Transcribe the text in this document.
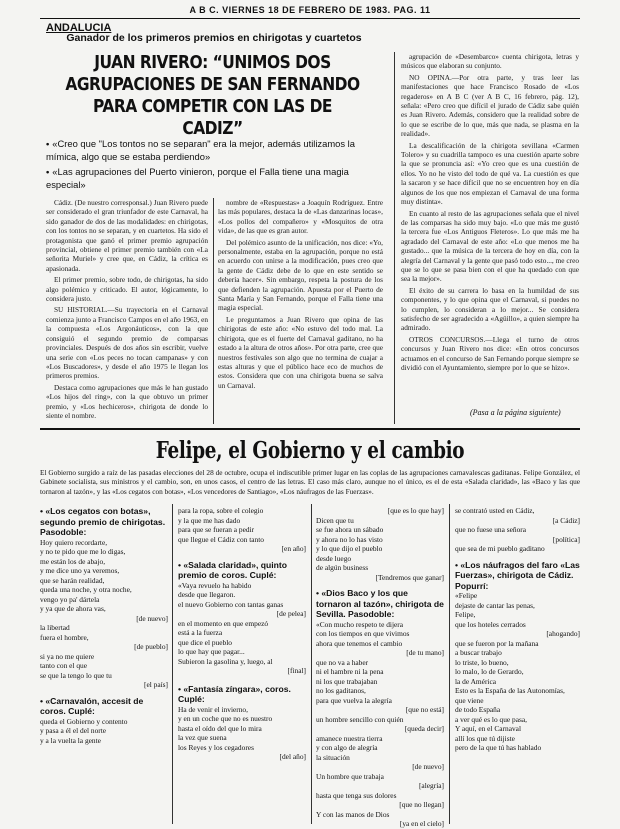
A B C. VIERNES 18 DE FEBRERO DE 1983. PAG. 11
ANDALUCIA
Ganador de los primeros premios en chirigotas y cuartetos
JUAN RIVERO: “UNIMOS DOS AGRUPACIONES DE SAN FERNANDO PARA COMPETIR CON LAS DE CADIZ”
• «Creo que "Los tontos no se separan" era la mejor, además utilizamos la mímica, algo que se estaba perdiendo»
• «Las agrupaciones del Puerto vinieron, porque el Falla tiene una magia especial»

Cádiz. (De nuestro corresponsal.) Juan Rivero puede ser considerado el gran triunfador de este Carnaval, ha sido ganador de dos de las modalidades: en chirigotas, con los tontos no se separan, y en cuartetos. Ha sido el protagonista que ganó el primer premio agrupación provincial, obtiene el primer premio también con «La señorita Muriel» y cree que, en Cádiz, la crítica es apasionada.

El primer premio, sobre todo, de chirigotas, ha sido algo polémico y criticado. El autor, lógicamente, lo considera justo.

SU HISTORIAL.—Su trayectoria en el Carnaval comienza junto a Francisco Campos en el año 1963, en la compuesta «Los Argonáuticos», con la que consiguió el segundo premio de comparsas provinciales. Después de dos años sin escribir, vuelve una serie con «Los peces no tocan campanas» y con «Los Buscadores», y desde el año 1975 le llegan los primeros premios.

Destaca como agrupaciones que más le han gustado «Los hijos del ring», con la que obtuvo un primer premio, y «Los hechiceros», chirigota de donde lo siente el nombre.

nombre de «Respuestas» a Joaquín Rodríguez. Entre las más populares, destaca la de «Las danzarinas locas», «Los pollos del compañero» y «Mosquitos de otra vida», de las que es gran autor.

Del polémico asunto de la unificación, nos dice: «Yo, personalmente, estaba en la agrupación, porque no está en acuerdo con unirse a la modificación, pues creo que la gente de Cádiz debe de lo que en este sentido se debería hacer». Sin embargo, respeta la postura de los que defienden la agrupación. Apuesta por el Puerto de Santa María y San Fernando, porque el Falla tiene una magia especial.

Le preguntamos a Juan Rivero que opina de las chirigotas de este año: «No estuvo del todo mal. La chirigota, que es el fuerte del Carnaval gaditano, no ha estado a la altura de otros años». Por otra parte, cree que nuestros festivales son algo que no termina de cuajar a estas alturas y que el público hace eco de muchos de estos. Considera que con una chirigota buena se salva un Carnaval.

agrupación de «Desembarco» cuenta chirigota, letras y músicos que elaboran su conjunto.

NO OPINA.—Por otra parte, y tras leer las manifestaciones que hace Francisco Rosado de «Los regaderos» en A B C (ver A B C, 16 febrero, pág. 12), señala: «Pero creo que difícil el jurado de Cádiz sabe quién es Juan Rivero. Además, considero que la realidad sobre de lo que se escribe de lo que, más que nada, se plasma en la realidad».

La descalificación de la chirigota sevillana «Carmen Tolero» y su cuadrilla tampoco es una cuestión aparte sobre la que se pronuncia así: «Yo creo que es una cuestión de ellos. Yo no he visto del todo de qué va. La cuestión es que la sacaron y se hace difícil que no se encuentren hoy en día algunos de los que nos empiezan el Carnaval de una forma muy distinta».

En cuanto al resto de las agrupaciones señala que el nivel de las comparsas ha sido muy bajo. «Lo que más me gustó la tercera fue «Los Antiguos Fleteros». Lo que más me ha agradado del Carnaval de este año: «Lo que menos me ha gustado... que la música de la tercera de hoy en día, con la alegría del Carnaval y la gente que pasó todo esto..., me creo que se lo que se pasa bien con el que ha quedado con que sea la mejor».

El éxito de su carrera lo basa en la humildad de sus componentes, y lo que opina que el Carnaval, si puedes no lo cumplen, lo consideran a lo mejor... Se considera satisfecho de ser agradecido a «Agüillo», a quien siempre ha admirado.

OTROS CONCURSOS.—Llega el turno de otros concursos y Juan Rivero nos dice: «En otros concursos actuamos en el concurso de San Fernando porque siempre se dividió con el Ayuntamiento, siempre por lo que se hizo».

(Pasa a la página siguiente)
Felipe, el Gobierno y el cambio
El Gobierno surgido a raíz de las pasadas elecciones del 28 de octubre, ocupa el indiscutible primer lugar en las coplas de las agrupaciones carnavalescas gaditanas. Felipe González, el Gabinete socialista, sus ministros y el cambio, son, en unos casos, el centro de las letras. El caso más claro, aunque no el único, es el de esta «Salada claridad», las «Baco y las que tornaron al tazón», y las «Los cegatos con botas», «Los vencedores de Santiago», «Los náufragos de las Fuerzas».
• «Los cegatos con botas», segundo premio de chirigotas. Pasodoble:
Hoy quiero recordarte,
y no te pido que me lo digas,
me están los de abajo,
y me dice uno ya veremos,
que se harán realidad,
queda una noche, y otra noche,
vengo yo pa' dártela
y ya que de ahora vas,
[de nuevo]
la libertad
fuera el hombre,
[de pueblo]
si ya no me quiere
tanto con el que
se que la tengo lo que tu
[el país]
• «Carnavalón, accesit de coros. Cuplé:
queda el Gobierno y contento
y pasa a él el del norte
y a la vuelta la gente
para la ropa, sobre el colegio
y la que me has dado
para que se fueran a pedir
que llegue el Cádiz con tanto
[en año]
• «Salada claridad», quinto premio de coros. Cuplé:
«Vaya revuelo ha habido
desde que llegaron.
el nuevo Gobierno con tantas ganas
[de pelea]
en el momento en que empezó
está a la fuerza
que dice el pueblo
lo que hay que pagar...
Subieron la gasolina y, luego, al
[final]
• «Fantasía zíngara», coros. Cuplé:
Ha de venir el invierno,
y en un coche que no es nuestro
hasta el oído del que lo mira
la vez que suena
los Reyes y los cegadores
[del año]
[que es lo que hay]
Dicen que tu
se fue ahora un sábado
y ahora no lo has visto
y lo que dijo el pueblo
desde luego
de algún business
[Tendremos que ganar]
• «Dios Baco y los que tornaron al tazón», chirigota de Sevilla. Pasodoble:
«Con mucho respeto te dijera
con los tiempos en que vivimos
ahora que tenemos el cambio
[de tu mano]
que no va a haber
ni el hambre ni la pena
ni los que trabajaban
no los gaditanos,
para que vuelva la alegría
[que no está]
un hombre sencillo con quién
[queda decir]
amanece nuestra tierra
y con algo de alegría
la situación
[de nuevo]
Un hombre que trabaja
[alegría]
hasta que tenga sus dolores
[que no llegan]
Y con las manos de Dios
[ya en el cielo]
se contrató usted en Cádiz,
[a Cádiz]
que no fuese una señora
[política]
que sea de mi pueblo gaditano
• «Los náufragos del faro «Las Fuerzas», chirigota de Cádiz. Popurrí:
«Felipe
dejaste de cantar las penas,
Felipe,
que los hoteles cerrados
[ahogando]
que se fueron por la mañana
a buscar trabajo
lo triste, lo bueno,
lo malo, lo de Gerardo,
la de América
Esto es la España de las Autonomías,
que viene
de todo España
a ver qué es lo que pasa,
Y aquí, en el Carnaval
allí los que tú dijiste
pero de la que tú has hablado
